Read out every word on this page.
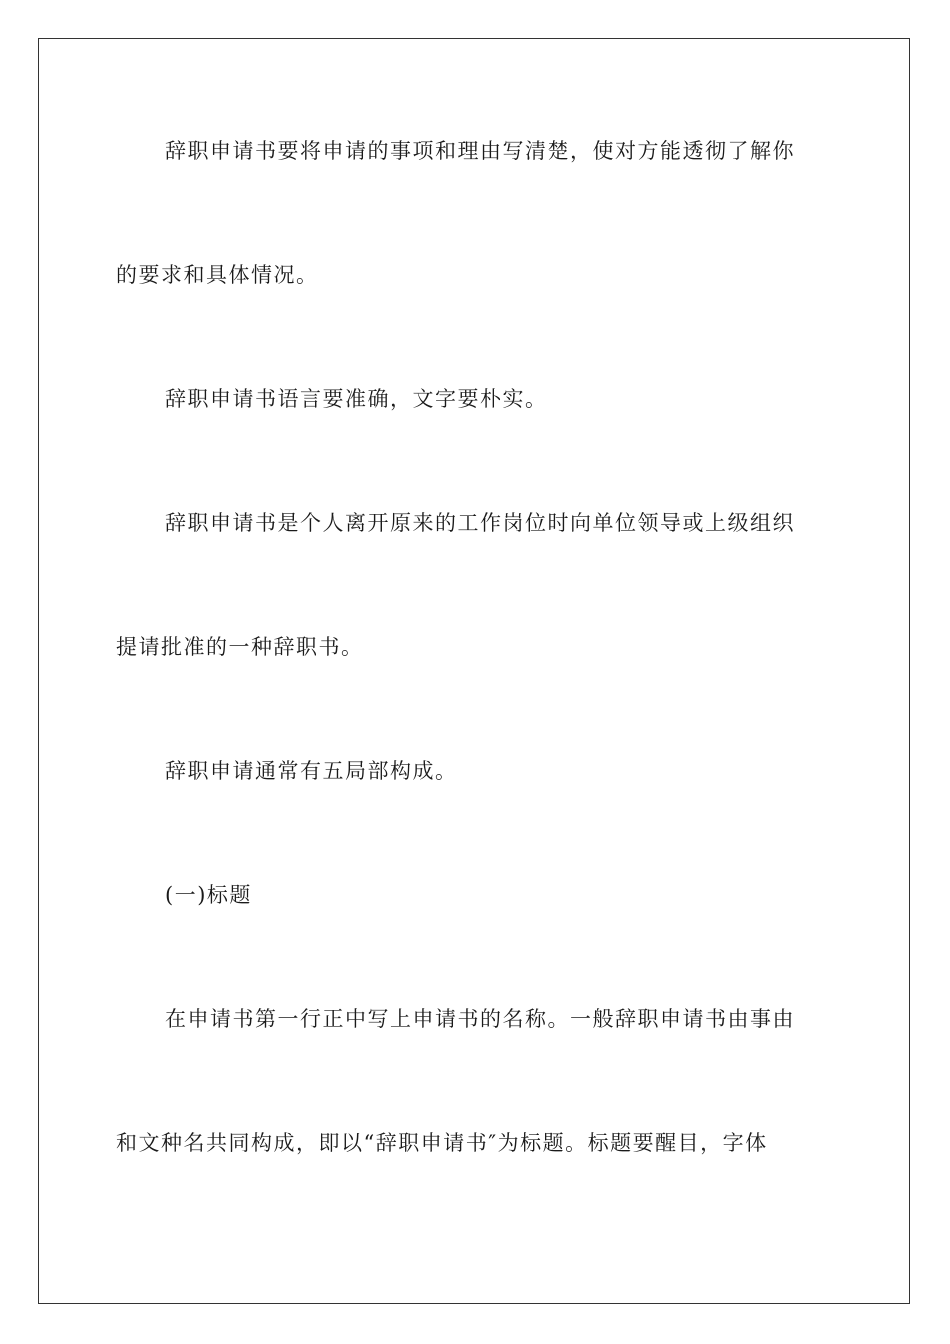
辞职申请书要将申请的事项和理由写清楚，使对方能透彻了解你
的要求和具体情况。
辞职申请书语言要准确，文字要朴实。
辞职申请书是个人离开原来的工作岗位时向单位领导或上级组织
提请批准的一种辞职书。
辞职申请通常有五局部构成。
(一)标题
在申请书第一行正中写上申请书的名称。一般辞职申请书由事由
和文种名共同构成，即以“辞职申请书″为标题。标题要醒目，字体
